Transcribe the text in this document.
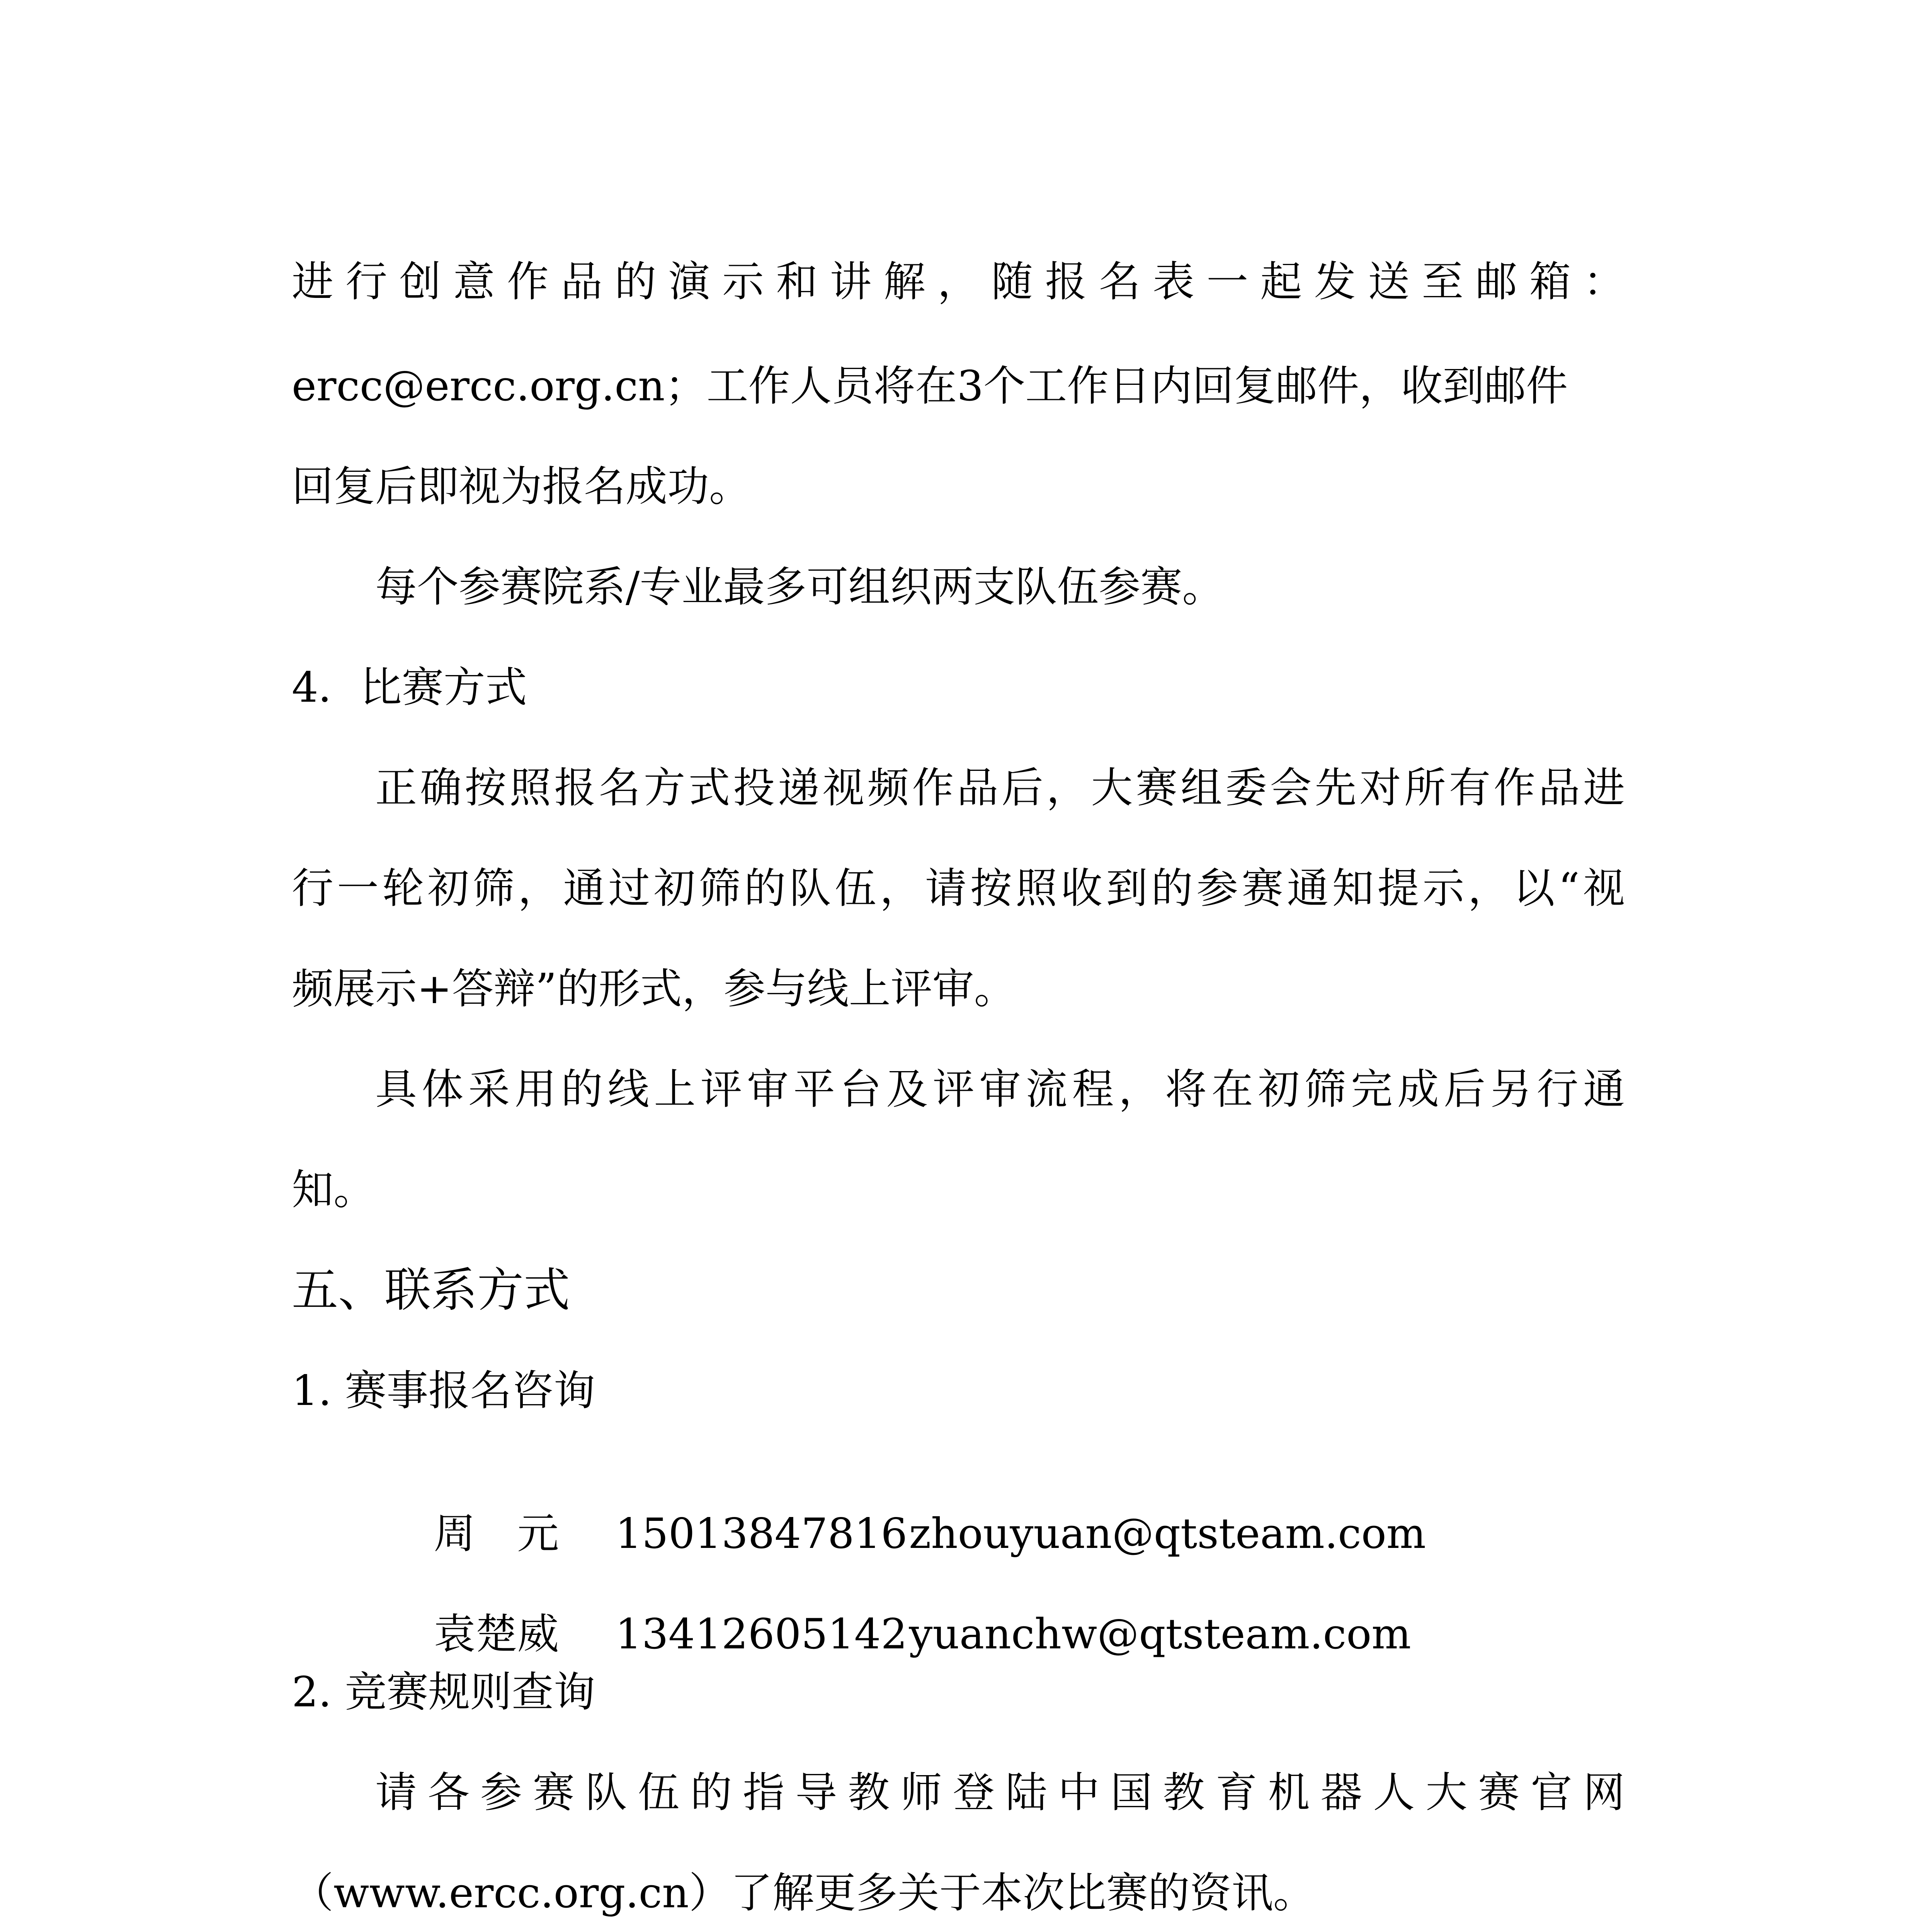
进行创意作品的演示和讲解，随报名表一起发送至邮箱：

ercc@ercc.org.cn；工作人员将在3个工作日内回复邮件，收到邮件

回复后即视为报名成功。

每个参赛院系/专业最多可组织两支队伍参赛。

4．比赛方式

正确按照报名方式投递视频作品后，大赛组委会先对所有作品进

行一轮初筛，通过初筛的队伍，请按照收到的参赛通知提示，以“视

频展示+答辩”的形式，参与线上评审。

具体采用的线上评审平台及评审流程，将在初筛完成后另行通

知。

五、联系方式

1. 赛事报名咨询

周　元 15013847816zhouyuan@qtsteam.com

袁楚威 13412605142yuanchw@qtsteam.com

2. 竞赛规则查询

请各参赛队伍的指导教师登陆中国教育机器人大赛官网

（www.ercc.org.cn）了解更多关于本次比赛的资讯。
